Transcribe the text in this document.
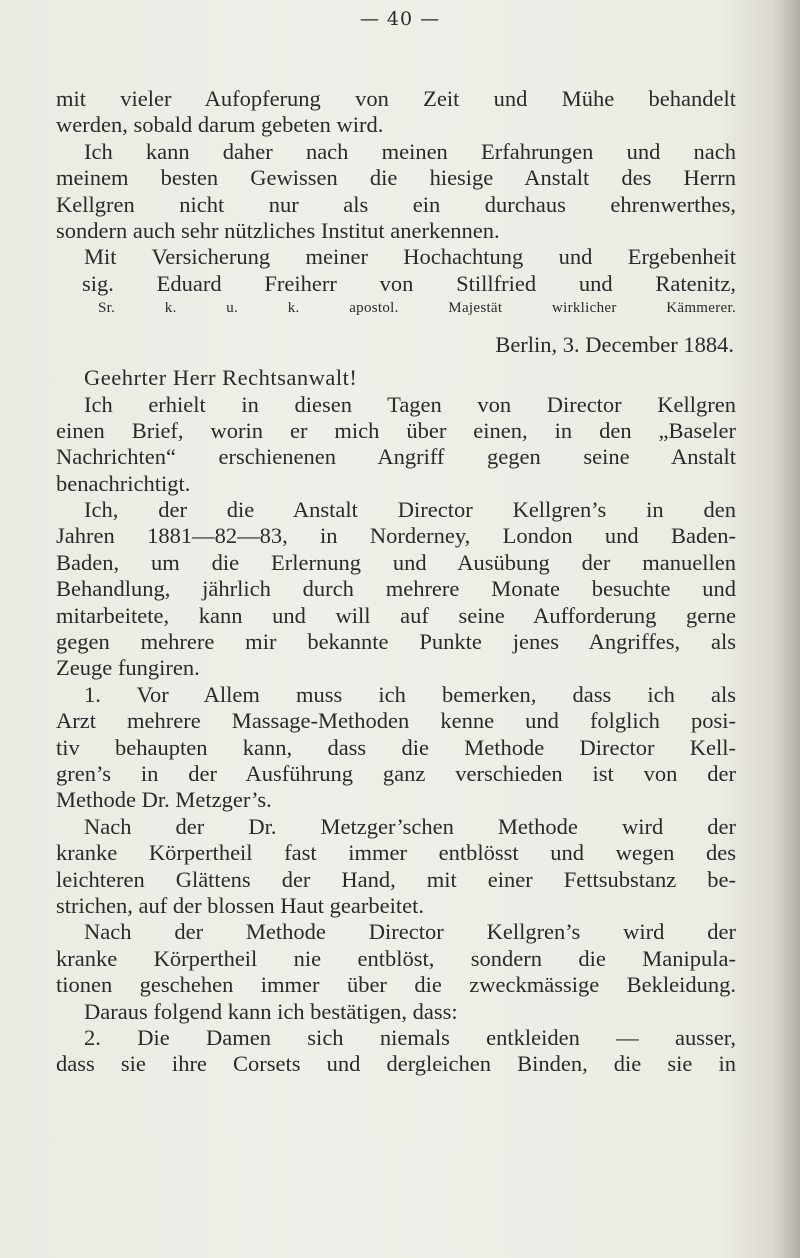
— 40 —
mit vieler Aufopferung von Zeit und Mühe behandelt
werden, sobald darum gebeten wird.
Ich kann daher nach meinen Erfahrungen und nach
meinem besten Gewissen die hiesige Anstalt des Herrn
Kellgren nicht nur als ein durchaus ehrenwerthes,
sondern auch sehr nützliches Institut anerkennen.
Mit Versicherung meiner Hochachtung und Ergebenheit
sig. Eduard Freiherr von Stillfried und Ratenitz,
Sr. k. u. k. apostol. Majestät wirklicher Kämmerer.
Berlin, 3. December 1884.
Geehrter Herr Rechtsanwalt!
Ich erhielt in diesen Tagen von Director Kellgren
einen Brief, worin er mich über einen, in den „Baseler
Nachrichten“ erschienenen Angriff gegen seine Anstalt
benachrichtigt.
Ich, der die Anstalt Director Kellgren’s in den
Jahren 1881—82—83, in Norderney, London und Baden-
Baden, um die Erlernung und Ausübung der manuellen
Behandlung, jährlich durch mehrere Monate besuchte und
mitarbeitete, kann und will auf seine Aufforderung gerne
gegen mehrere mir bekannte Punkte jenes Angriffes, als
Zeuge fungiren.
1. Vor Allem muss ich bemerken, dass ich als
Arzt mehrere Massage-Methoden kenne und folglich posi-
tiv behaupten kann, dass die Methode Director Kell-
gren’s in der Ausführung ganz verschieden ist von der
Methode Dr. Metzger’s.
Nach der Dr. Metzger’schen Methode wird der
kranke Körpertheil fast immer entblösst und wegen des
leichteren Glättens der Hand, mit einer Fettsubstanz be-
strichen, auf der blossen Haut gearbeitet.
Nach der Methode Director Kellgren’s wird der
kranke Körpertheil nie entblöst, sondern die Manipula-
tionen geschehen immer über die zweckmässige Bekleidung.
Daraus folgend kann ich bestätigen, dass:
2. Die Damen sich niemals entkleiden — ausser,
dass sie ihre Corsets und dergleichen Binden, die sie in
